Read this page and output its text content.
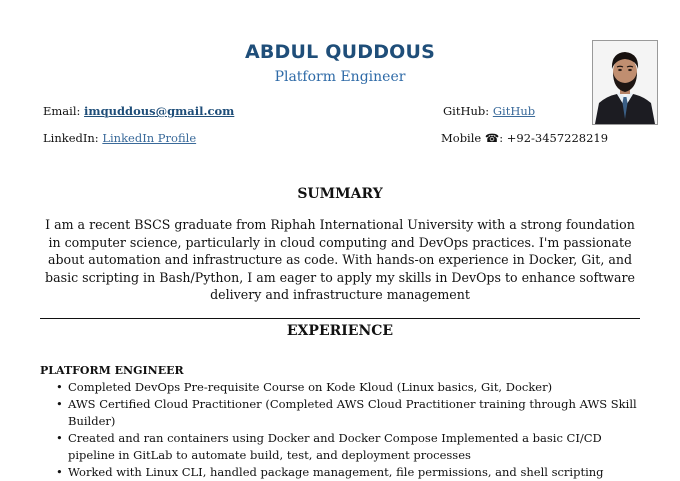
ABDUL QUDDOUS
Platform Engineer
Email: imquddous@gmail.com	GitHub: GitHub
LinkedIn: LinkedIn Profile	Mobile ☎: +92-3457228219
SUMMARY
I am a recent BSCS graduate from Riphah International University with a strong foundation in computer science, particularly in cloud computing and DevOps practices. I'm passionate about automation and infrastructure as code. With hands-on experience in Docker, Git, and basic scripting in Bash/Python, I am eager to apply my skills in DevOps to enhance software delivery and infrastructure management
EXPERIENCE
PLATFORM ENGINEER
• Completed DevOps Pre-requisite Course on Kode Kloud (Linux basics, Git, Docker)
• AWS Certified Cloud Practitioner (Completed AWS Cloud Practitioner training through AWS Skill Builder)
• Created and ran containers using Docker and Docker Compose Implemented a basic CI/CD pipeline in GitLab to automate build, test, and deployment processes
• Worked with Linux CLI, handled package management, file permissions, and shell scripting
